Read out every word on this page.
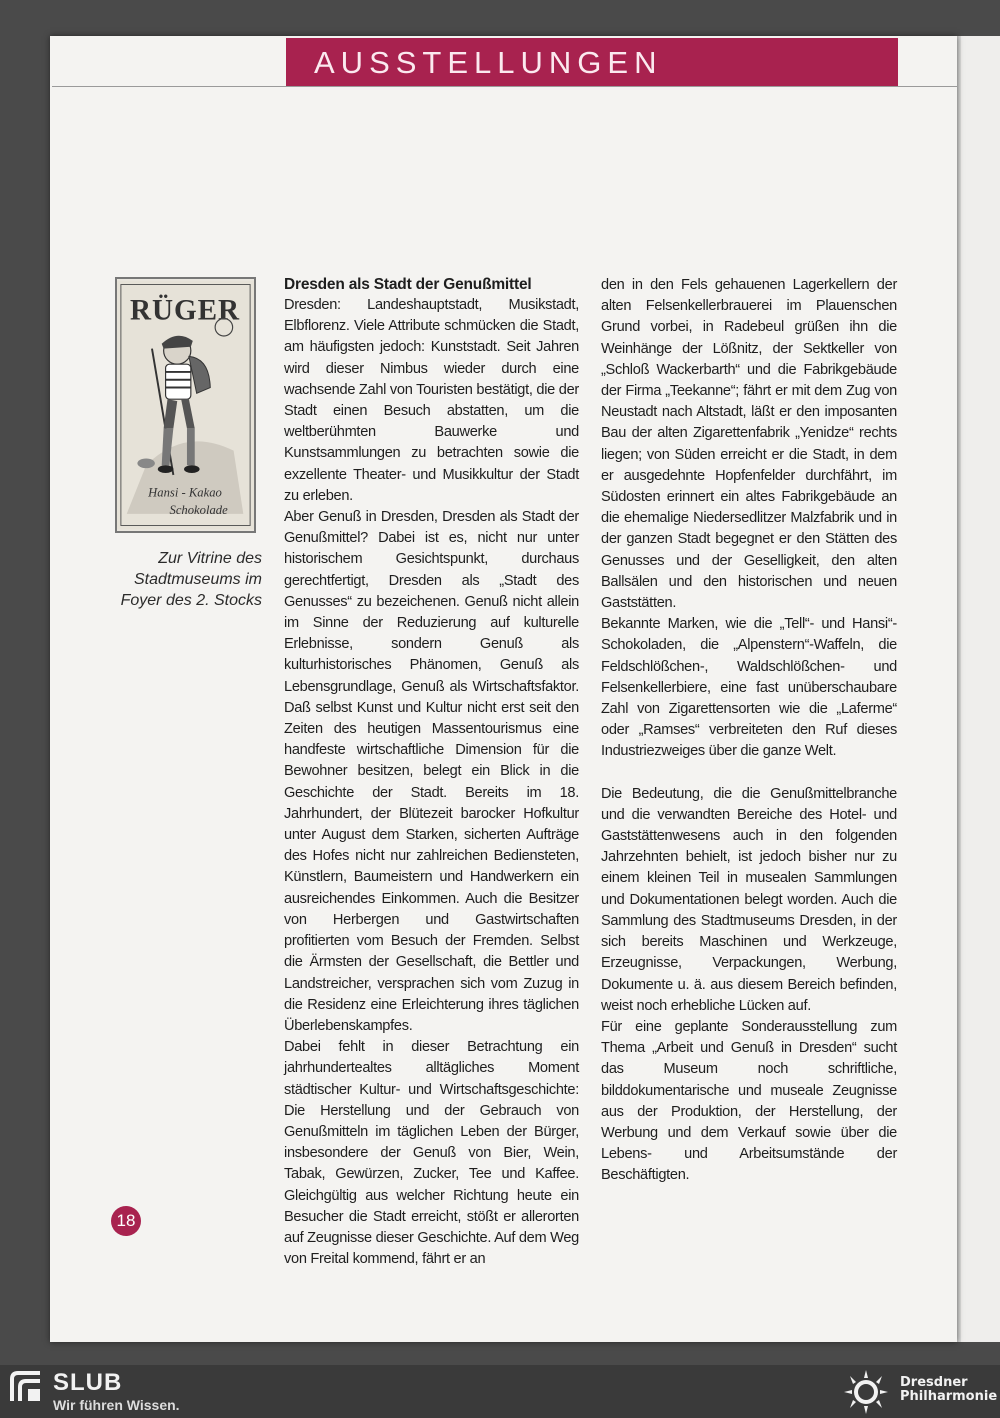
AUSSTELLUNGEN
RÜGER
Hansi - Kakao
Schokolade
Zur Vitrine des
Stadtmuseums im
Foyer des 2. Stocks
Dresden als Stadt der Genußmittel

Dresden: Landeshauptstadt, Musikstadt, Elbflorenz. Viele Attribute schmücken die Stadt, am häufigsten jedoch: Kunststadt. Seit Jahren wird dieser Nimbus wieder durch eine wachsende Zahl von Touristen bestätigt, die der Stadt einen Besuch abstatten, um die weltberühmten Bauwerke und Kunstsammlungen zu betrachten sowie die exzellente Theater- und Musikkultur der Stadt zu erleben.

Aber Genuß in Dresden, Dresden als Stadt der Genußmittel? Dabei ist es, nicht nur unter historischem Gesichtspunkt, durchaus gerechtfertigt, Dresden als „Stadt des Genusses“ zu bezeichenen. Genuß nicht allein im Sinne der Reduzierung auf kulturelle Erlebnisse, sondern Genuß als kulturhistorisches Phänomen, Genuß als Lebensgrundlage, Genuß als Wirtschaftsfaktor. Daß selbst Kunst und Kultur nicht erst seit den Zeiten des heutigen Massentourismus eine handfeste wirtschaftliche Dimension für die Bewohner besitzen, belegt ein Blick in die Geschichte der Stadt. Bereits im 18. Jahrhundert, der Blütezeit barocker Hofkultur unter August dem Starken, sicherten Aufträge des Hofes nicht nur zahlreichen Bediensteten, Künstlern, Baumeistern und Handwerkern ein ausreichendes Einkommen. Auch die Besitzer von Herbergen und Gastwirtschaften profitierten vom Besuch der Fremden. Selbst die Ärmsten der Gesellschaft, die Bettler und Landstreicher, versprachen sich vom Zuzug in die Residenz eine Erleichterung ihres täglichen Überlebenskampfes.

Dabei fehlt in dieser Betrachtung ein jahrhundertealtes alltägliches Moment städtischer Kultur- und Wirtschaftsgeschichte: Die Herstellung und der Gebrauch von Genußmitteln im täglichen Leben der Bürger, insbesondere der Genuß von Bier, Wein, Tabak, Gewürzen, Zucker, Tee und Kaffee. Gleichgültig aus welcher Richtung heute ein Besucher die Stadt erreicht, stößt er allerorten auf Zeugnisse dieser Geschichte. Auf dem Weg von Freital kommend, fährt er an

den in den Fels gehauenen Lagerkellern der alten Felsenkellerbrauerei im Plauenschen Grund vorbei, in Radebeul grüßen ihn die Weinhänge der Lößnitz, der Sektkeller von „Schloß Wackerbarth“ und die Fabrikgebäude der Firma „Teekanne“; fährt er mit dem Zug von Neustadt nach Altstadt, läßt er den imposanten Bau der alten Zigarettenfabrik „Yenidze“ rechts liegen; von Süden erreicht er die Stadt, in dem er ausgedehnte Hopfenfelder durchfährt, im Südosten erinnert ein altes Fabrikgebäude an die ehemalige Niedersedlitzer Malzfabrik und in der ganzen Stadt begegnet er den Stätten des Genusses und der Geselligkeit, den alten Ballsälen und den historischen und neuen Gaststätten.

Bekannte Marken, wie die „Tell“- und Hansi“-Schokoladen, die „Alpenstern“-Waffeln, die Feldschlößchen-, Waldschlößchen- und Felsenkellerbiere, eine fast unüberschaubare Zahl von Zigarettensorten wie die „Laferme“ oder „Ramses“ verbreiteten den Ruf dieses Industriezweiges über die ganze Welt.

Die Bedeutung, die die Genußmittelbranche und die verwandten Bereiche des Hotel- und Gaststättenwesens auch in den folgenden Jahrzehnten behielt, ist jedoch bisher nur zu einem kleinen Teil in musealen Sammlungen und Dokumentationen belegt worden. Auch die Sammlung des Stadtmuseums Dresden, in der sich bereits Maschinen und Werkzeuge, Erzeugnisse, Verpackungen, Werbung, Dokumente u. ä. aus diesem Bereich befinden, weist noch erhebliche Lücken auf.

Für eine geplante Sonderausstellung zum Thema „Arbeit und Genuß in Dresden“ sucht das Museum noch schriftliche, bilddokumentarische und museale Zeugnisse aus der Produktion, der Herstellung, der Werbung und dem Verkauf sowie über die Lebens- und Arbeitsumstände der Beschäftigten.

18
SLUB
Wir führen Wissen.
Dresdner
Philharmonie
